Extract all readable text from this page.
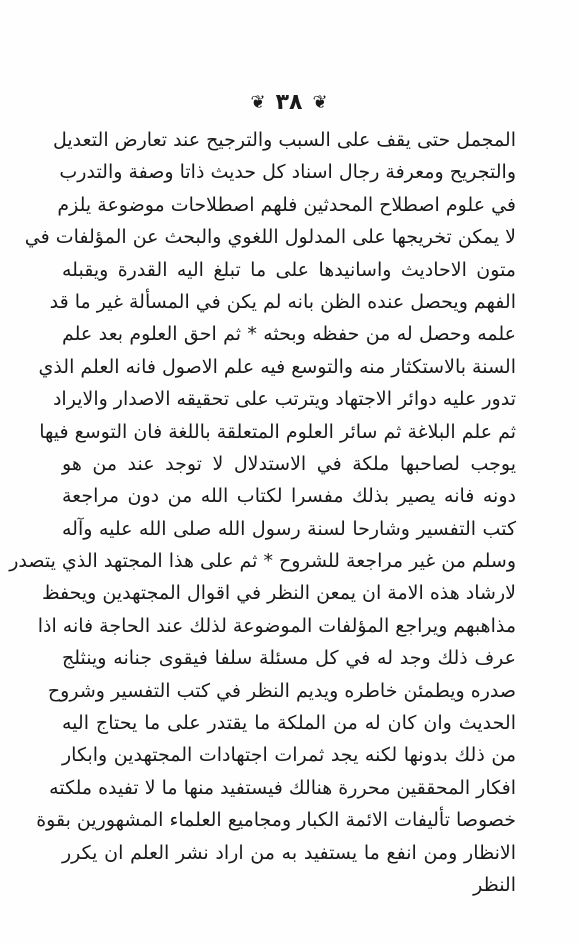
❦
٣٨
❦
المجمل حتى يقف على السبب والترجيح عند تعارض التعديل
والتجريح ومعرفة رجال اسناد كل حديث ذاتا وصفة والتدرب
في علوم اصطلاح المحدثين فلهم اصطلاحات موضوعة يلزم
لا يمكن تخريجها على المدلول اللغوي والبحث عن المؤلفات في
متون الاحاديث واسانيدها على ما تبلغ اليه القدرة ويقبله
الفهم ويحصل عنده الظن بانه لم يكن في المسألة غير ما قد
علمه وحصل له من حفظه وبحثه * ثم احق العلوم بعد علم
السنة بالاستكثار منه والتوسع فيه علم الاصول فانه العلم الذي
تدور عليه دوائر الاجتهاد ويترتب على تحقيقه الاصدار والايراد
ثم علم البلاغة ثم سائر العلوم المتعلقة باللغة فان التوسع فيها
يوجب لصاحبها ملكة في الاستدلال لا توجد عند من هو
دونه فانه يصير بذلك مفسرا لكتاب الله من دون مراجعة
كتب التفسير وشارحا لسنة رسول الله صلى الله عليه وآله
وسلم من غير مراجعة للشروح * ثم على هذا المجتهد الذي يتصدر
لارشاد هذه الامة ان يمعن النظر في اقوال المجتهدين ويحفظ
مذاهبهم ويراجع المؤلفات الموضوعة لذلك عند الحاجة فانه اذا
عرف ذلك وجد له في كل مسئلة سلفا فيقوى جنانه وينثلج
صدره ويطمئن خاطره ويديم النظر في كتب التفسير وشروح
الحديث وان كان له من الملكة ما يقتدر على ما يحتاج اليه
من ذلك بدونها لكنه يجد ثمرات اجتهادات المجتهدين وابكار
افكار المحققين محررة هنالك فيستفيد منها ما لا تفيده ملكته
خصوصا تأليفات الائمة الكبار ومجاميع العلماء المشهورين بقوة
الانظار ومن انفع ما يستفيد به من اراد نشر العلم ان يكرر
النظر
